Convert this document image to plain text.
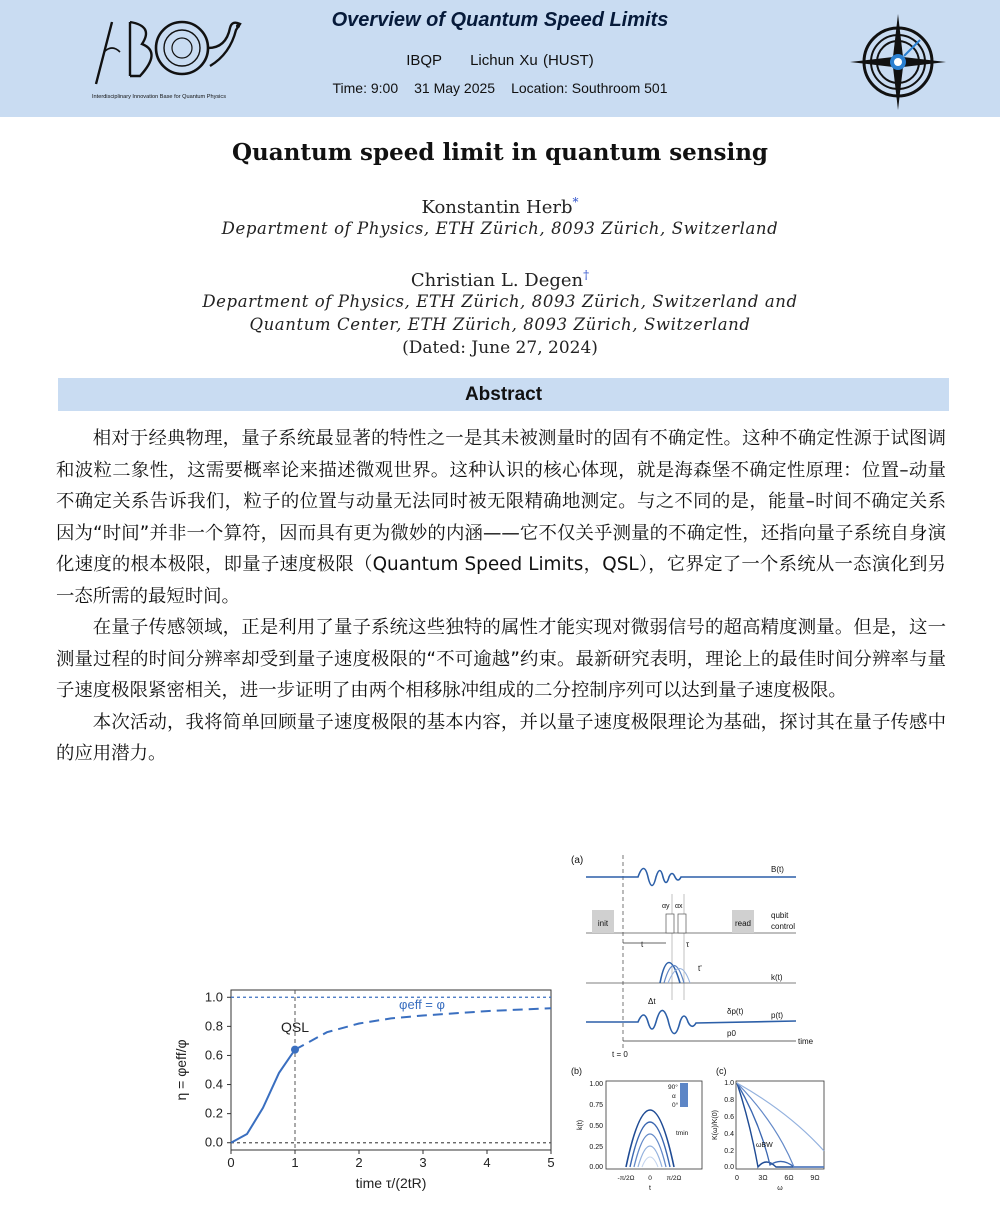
Interdisciplinary Innovation Base for Quantum Physics
Overview of Quantum Speed Limits
IBQP Lichun Xu (HUST)
Time: 9:00 31 May 2025 Location: Southroom 501
Quantum speed limit in quantum sensing
Konstantin Herb*
Department of Physics, ETH Zürich, 8093 Zürich, Switzerland
Christian L. Degen†
Department of Physics, ETH Zürich, 8093 Zürich, Switzerland and
Quantum Center, ETH Zürich, 8093 Zürich, Switzerland
(Dated: June 27, 2024)
Abstract

相对于经典物理，量子系统最显著的特性之一是其未被测量时的固有不确定性。这种不确定性源于试图调和波粒二象性，这需要概率论来描述微观世界。这种认识的核心体现，就是海森堡不确定性原理：位置–动量不确定关系告诉我们，粒子的位置与动量无法同时被无限精确地测定。与之不同的是，能量–时间不确定关系因为“时间”并非一个算符，因而具有更为微妙的内涵——它不仅关乎测量的不确定性，还指向量子系统自身演化速度的根本极限，即量子速度极限（Quantum Speed Limits，QSL），它界定了一个系统从一态演化到另一态所需的最短时间。

在量子传感领域，正是利用了量子系统这些独特的属性才能实现对微弱信号的超高精度测量。但是，这一测量过程的时间分辨率却受到量子速度极限的“不可逾越”约束。最新研究表明，理论上的最佳时间分辨率与量子速度极限紧密相关，进一步证明了由两个相移脉冲组成的二分控制序列可以达到量子速度极限。

本次活动，我将简单回顾量子速度极限的基本内容，并以量子速度极限理论为基础，探讨其在量子传感中的应用潜力。

0	1	2	3	4	5
0.0
0.2
0.4
0.6
0.8
1.0
time τ/(2tR)
η = φeff/φ
φeff = φ
QSL
(a)
B(t)
init	read
αy αx
qubit
control
t	τ
t'
k(t)
Δt
δp(t)
p0
p(t)
time
t = 0
(b)
1.00
0.75
0.50
0.25
0.00
k(t)
90°
α
0°
tmin
-π/2Ω 0 π/2Ω
t
(c)
1.0
0.8
0.6
0.4
0.2
0.0
K(ω)/K(0)
ωBW
0	3Ω 6Ω 9Ω
ω
